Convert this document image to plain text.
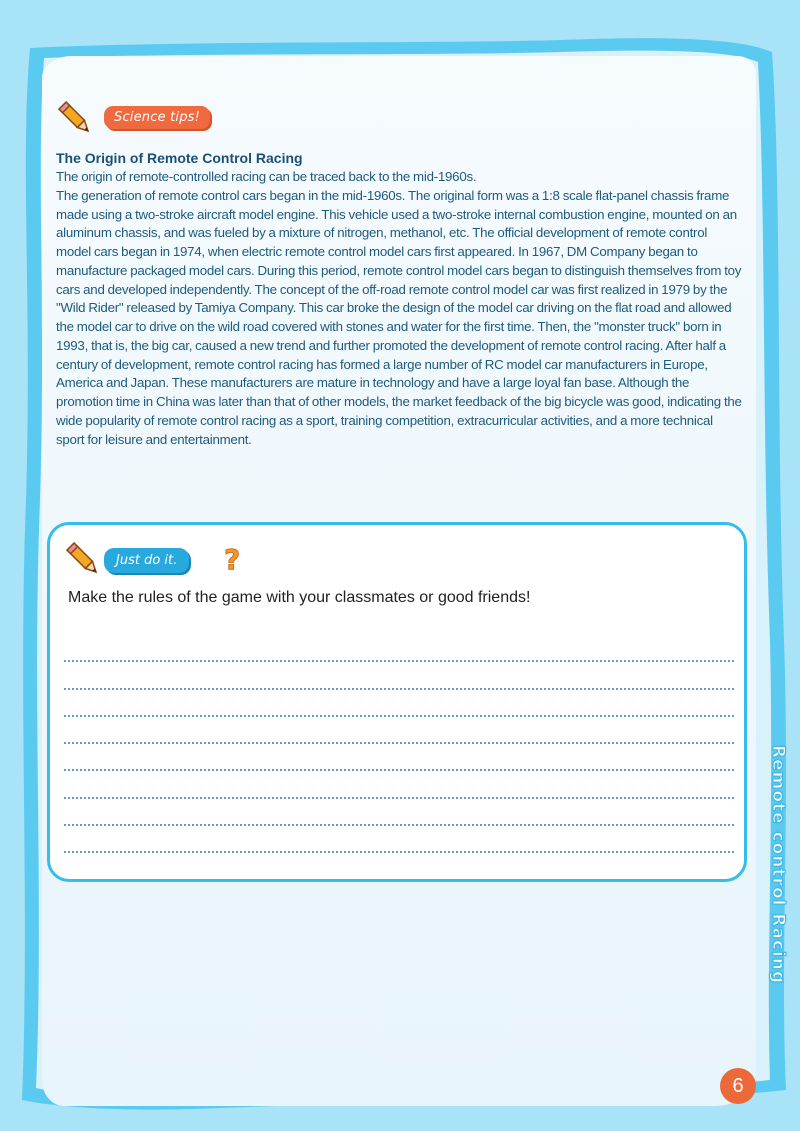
Science tips!
The Origin of Remote Control Racing

The origin of remote-controlled racing can be traced back to the mid-1960s.
The generation of remote control cars began in the mid-1960s. The original form was a 1:8 scale flat-panel chassis frame made using a two-stroke aircraft model engine. This vehicle used a two-stroke internal combustion engine, mounted on an aluminum chassis, and was fueled by a mixture of nitrogen, methanol, etc. The official development of remote control model cars began in 1974, when electric remote control model cars first appeared. In 1967, DM Company began to manufacture packaged model cars. During this period, remote control model cars began to distinguish themselves from toy cars and developed independently. The concept of the off-road remote control model car was first realized in 1979 by the "Wild Rider" released by Tamiya Company. This car broke the design of the model car driving on the flat road and allowed the model car to drive on the wild road covered with stones and water for the first time. Then, the "monster truck" born in 1993, that is, the big car, caused a new trend and further promoted the development of remote control racing. After half a century of development, remote control racing has formed a large number of RC model car manufacturers in Europe, America and Japan. These manufacturers are mature in technology and have a large loyal fan base. Although the promotion time in China was later than that of other models, the market feedback of the big bicycle was good, indicating the wide popularity of remote control racing as a sport, training competition, extracurricular activities, and a more technical sport for leisure and entertainment.

Just do it.	?
Make the rules of the game with your classmates or good friends!
Remote control Racing
6
